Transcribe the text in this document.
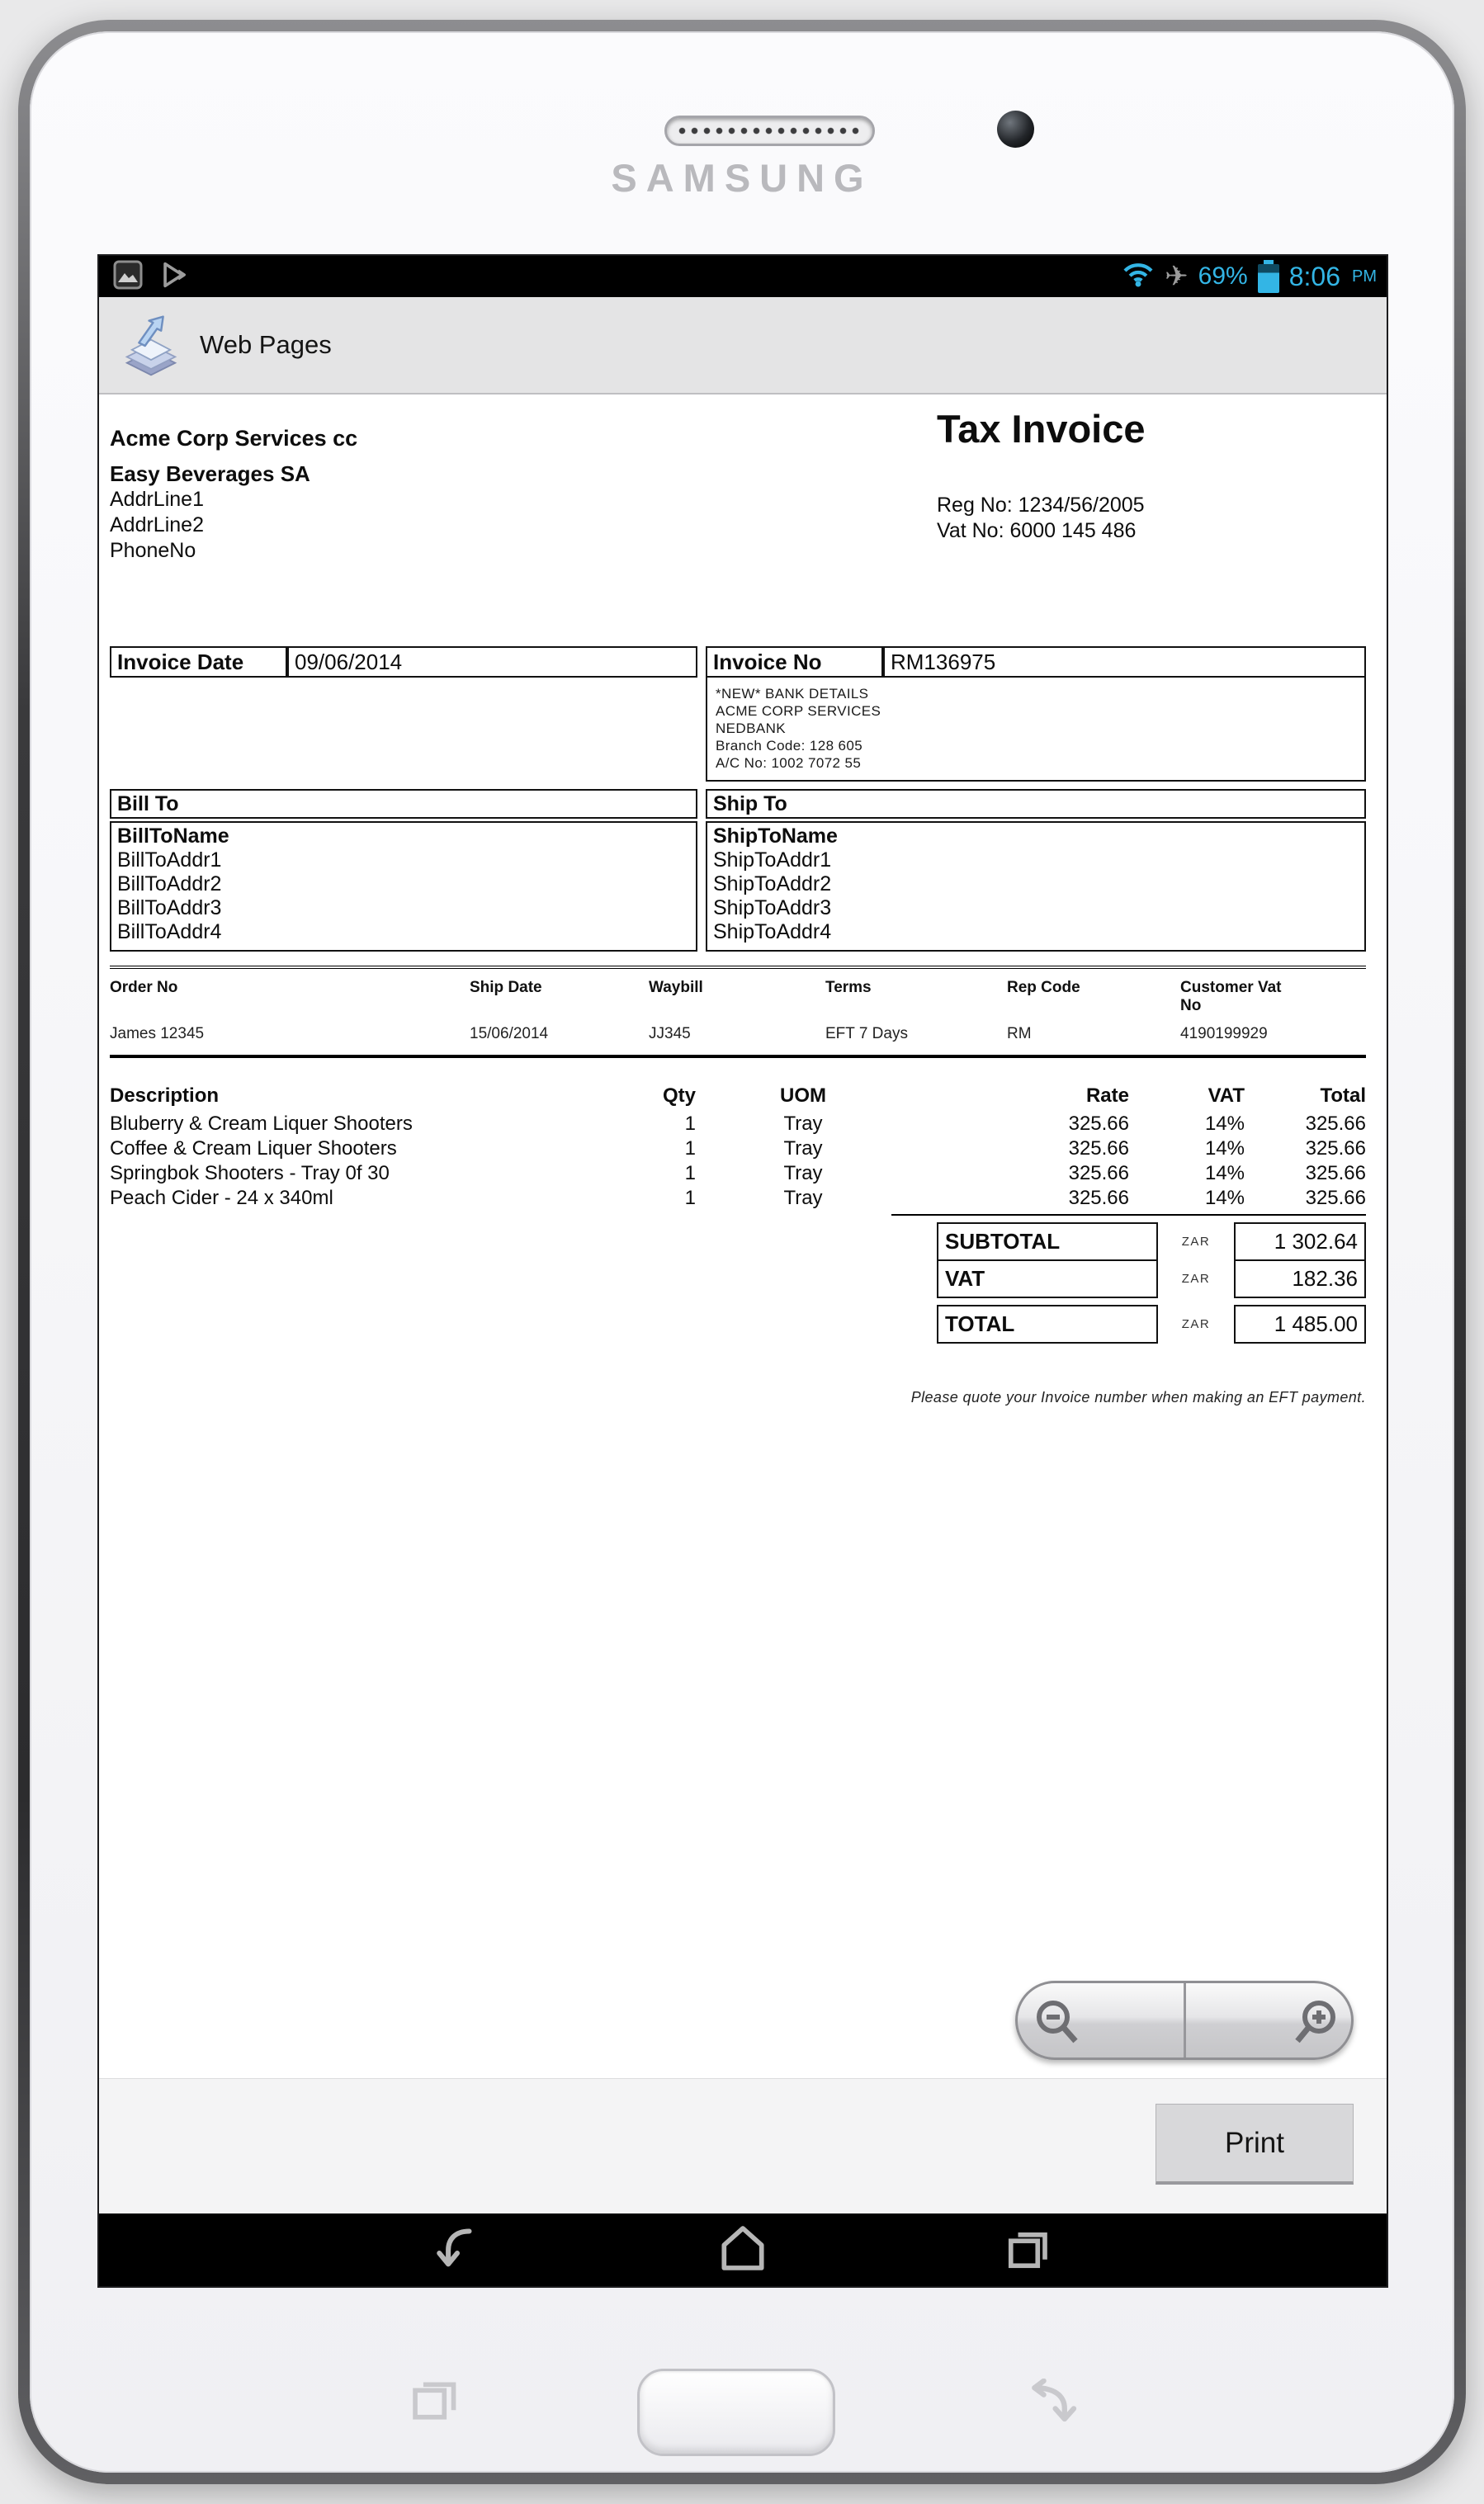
SAMSUNG
✈ 69% 8:06 PM
Web Pages
Acme Corp Services cc
Easy Beverages SA
AddrLine1
AddrLine2
PhoneNo
Tax Invoice
Reg No: 1234/56/2005
Vat No: 6000 145 486
Invoice Date	09/06/2014	Invoice No	RM136975
*NEW* BANK DETAILS
ACME CORP SERVICES
NEDBANK
Branch Code: 128 605
A/C No: 1002 7072 55
Bill To	Ship To
BillToName
BillToAddr1
BillToAddr2
BillToAddr3
BillToAddr4
ShipToName
ShipToAddr1
ShipToAddr2
ShipToAddr3
ShipToAddr4
Order No	Ship Date	Waybill	Terms	Rep Code	Customer Vat No
James 12345	15/06/2014	JJ345	EFT 7 Days	RM	4190199929
Description	Qty	UOM	Rate	VAT	Total
Bluberry & Cream Liquer Shooters	1	Tray	325.66	14%	325.66
Coffee & Cream Liquer Shooters	1	Tray	325.66	14%	325.66
Springbok Shooters - Tray 0f 30	1	Tray	325.66	14%	325.66
Peach Cider - 24 x 340ml	1	Tray	325.66	14%	325.66
SUBTOTAL	ZAR	1 302.64
VAT	ZAR	182.36
TOTAL	ZAR	1 485.00
Please quote your Invoice number when making an EFT payment.
Print
